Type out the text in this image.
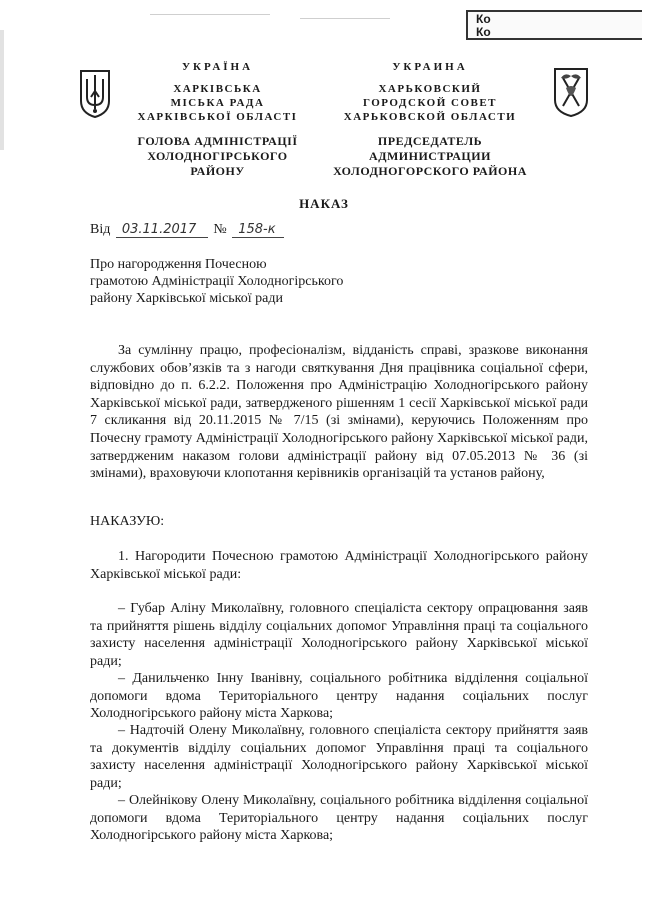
Ко
Ко
УКРАЇНА
ХАРКІВСЬКА
МІСЬКА РАДА
ХАРКІВСЬКОЇ ОБЛАСТІ
ГОЛОВА АДМІНІСТРАЦІЇ
ХОЛОДНОГІРСЬКОГО РАЙОНУ
УКРАИНА
ХАРЬКОВСКИЙ
ГОРОДСКОЙ СОВЕТ
ХАРЬКОВСКОЙ ОБЛАСТИ
ПРЕДСЕДАТЕЛЬ АДМИНИСТРАЦИИ
ХОЛОДНОГОРСКОГО РАЙОНА
НАКАЗ
Від 03.11.2017 № 158-к
Про нагородження Почесною
грамотою Адміністрації Холодногірського
району Харківської міської ради
За сумлінну працю, професіоналізм, відданість справі, зразкове виконання службових обов’язків та з нагоди святкування Дня працівника соціальної сфери, відповідно до п. 6.2.2. Положення про Адміністрацію Холодногірського району Харківської міської ради, затвердженого рішенням 1 сесії Харківської міської ради 7 скликання від 20.11.2015 № 7/15 (зі змінами), керуючись Положенням про Почесну грамоту Адміністрації Холодногірського району Харківської міської ради, затвердженим наказом голови адміністрації району від 07.05.2013 № 36 (зі змінами), враховуючи клопотання керівників організацій та установ району,
НАКАЗУЮ:
1. Нагородити Почесною грамотою Адміністрації Холодногірського району Харківської міської ради:
– Губар Аліну Миколаївну, головного спеціаліста сектору опрацювання заяв та прийняття рішень відділу соціальних допомог Управління праці та соціального захисту населення адміністрації Холодногірського району Харківської міської ради;
– Данильченко Інну Іванівну, соціального робітника відділення соціальної допомоги вдома Територіального центру надання соціальних послуг Холодногірського району міста Харкова;
– Надточій Олену Миколаївну, головного спеціаліста сектору прийняття заяв та документів відділу соціальних допомог Управління праці та соціального захисту населення адміністрації Холодногірського району Харківської міської ради;
– Олейнікову Олену Миколаївну, соціального робітника відділення соціальної допомоги вдома Територіального центру надання соціальних послуг Холодногірського району міста Харкова;
